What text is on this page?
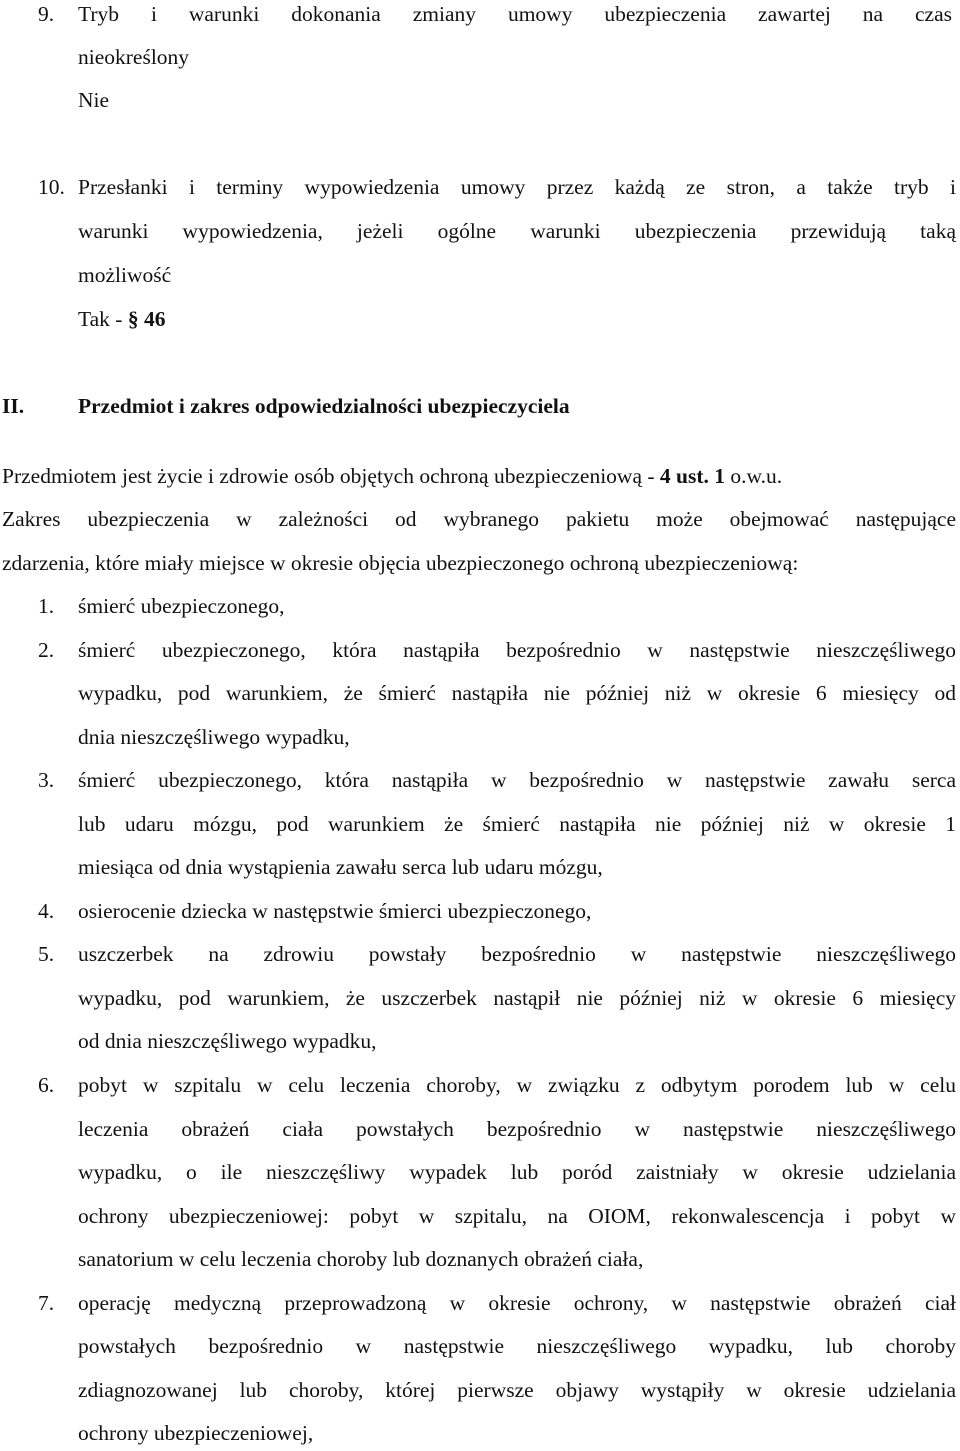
9. Tryb i warunki dokonania zmiany umowy ubezpieczenia zawartej na czas
nieokreślony
Nie
10. Przesłanki i terminy wypowiedzenia umowy przez każdą ze stron, a także tryb i
warunki wypowiedzenia, jeżeli ogólne warunki ubezpieczenia przewidują taką
możliwość
Tak - § 46
II.	Przedmiot i zakres odpowiedzialności ubezpieczyciela
Przedmiotem jest życie i zdrowie osób objętych ochroną ubezpieczeniową - 4 ust. 1 o.w.u.
Zakres ubezpieczenia w zależności od wybranego pakietu może obejmować następujące
zdarzenia, które miały miejsce w okresie objęcia ubezpieczonego ochroną ubezpieczeniową:
1. śmierć ubezpieczonego,
2. śmierć ubezpieczonego, która nastąpiła bezpośrednio w następstwie nieszczęśliwego
wypadku, pod warunkiem, że śmierć nastąpiła nie później niż w okresie 6 miesięcy od
dnia nieszczęśliwego wypadku,
3. śmierć ubezpieczonego, która nastąpiła w bezpośrednio w następstwie zawału serca
lub udaru mózgu, pod warunkiem że śmierć nastąpiła nie później niż w okresie 1
miesiąca od dnia wystąpienia zawału serca lub udaru mózgu,
4. osierocenie dziecka w następstwie śmierci ubezpieczonego,
5. uszczerbek na zdrowiu powstały bezpośrednio w następstwie nieszczęśliwego
wypadku, pod warunkiem, że uszczerbek nastąpił nie później niż w okresie 6 miesięcy
od dnia nieszczęśliwego wypadku,
6. pobyt w szpitalu w celu leczenia choroby, w związku z odbytym porodem lub w celu
leczenia obrażeń ciała powstałych bezpośrednio w następstwie nieszczęśliwego
wypadku, o ile nieszczęśliwy wypadek lub poród zaistniały w okresie udzielania
ochrony ubezpieczeniowej: pobyt w szpitalu, na OIOM, rekonwalescencja i pobyt w
sanatorium w celu leczenia choroby lub doznanych obrażeń ciała,
7. operację medyczną przeprowadzoną w okresie ochrony, w następstwie obrażeń ciał
powstałych bezpośrednio w następstwie nieszczęśliwego wypadku, lub choroby
zdiagnozowanej lub choroby, której pierwsze objawy wystąpiły w okresie udzielania
ochrony ubezpieczeniowej,
